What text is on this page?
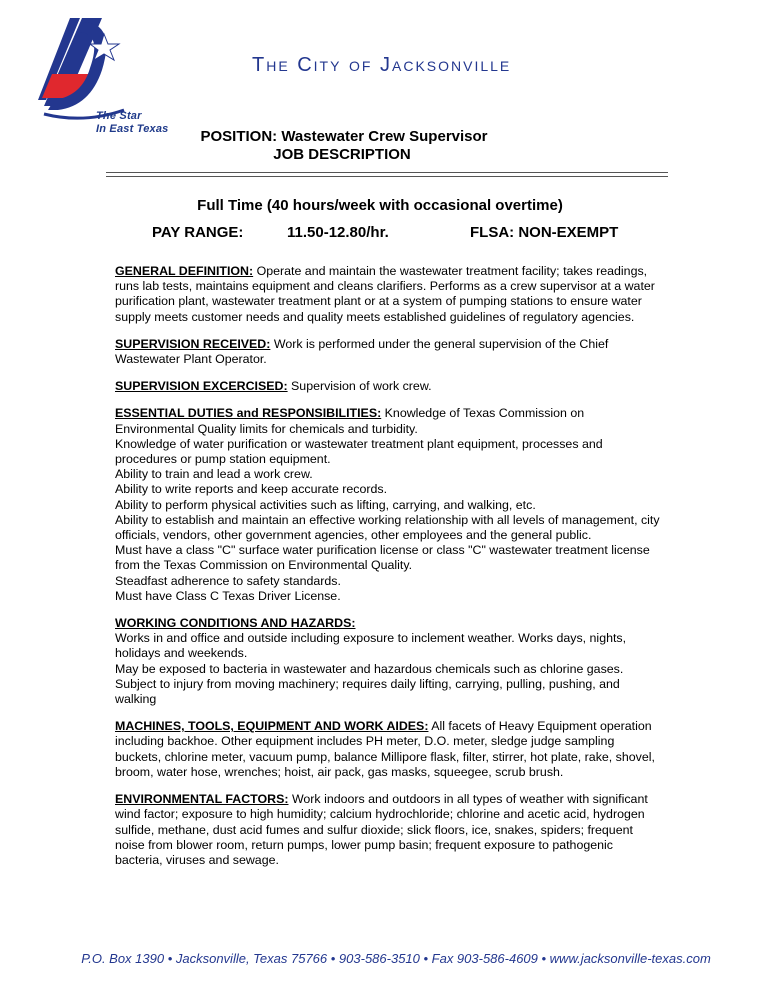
The Star
In East Texas
The City of Jacksonville
POSITION: Wastewater Crew Supervisor
JOB DESCRIPTION
Full Time (40 hours/week with occasional overtime)
PAY RANGE:	11.50-12.80/hr.	FLSA: NON-EXEMPT
GENERAL DEFINITION: Operate and maintain the wastewater treatment facility; takes readings, runs lab tests, maintains equipment and cleans clarifiers. Performs as a crew supervisor at a water purification plant, wastewater treatment plant or at a system of pumping stations to ensure water supply meets customer needs and quality meets established guidelines of regulatory agencies.
SUPERVISION RECEIVED: Work is performed under the general supervision of the Chief Wastewater Plant Operator.
SUPERVISION EXCERCISED: Supervision of work crew.
ESSENTIAL DUTIES and RESPONSIBILITIES: Knowledge of Texas Commission on Environmental Quality limits for chemicals and turbidity.
Knowledge of water purification or wastewater treatment plant equipment, processes and procedures or pump station equipment.
Ability to train and lead a work crew.
Ability to write reports and keep accurate records.
Ability to perform physical activities such as lifting, carrying, and walking, etc.
Ability to establish and maintain an effective working relationship with all levels of management, city officials, vendors, other government agencies, other employees and the general public.
Must have a class "C" surface water purification license or class "C" wastewater treatment license from the Texas Commission on Environmental Quality.
Steadfast adherence to safety standards.
Must have Class C Texas Driver License.
WORKING CONDITIONS AND HAZARDS:
Works in and office and outside including exposure to inclement weather. Works days, nights, holidays and weekends.
May be exposed to bacteria in wastewater and hazardous chemicals such as chlorine gases.
Subject to injury from moving machinery; requires daily lifting, carrying, pulling, pushing, and walking
MACHINES, TOOLS, EQUIPMENT AND WORK AIDES: All facets of Heavy Equipment operation including backhoe. Other equipment includes PH meter, D.O. meter, sledge judge sampling buckets, chlorine meter, vacuum pump, balance Millipore flask, filter, stirrer, hot plate, rake, shovel, broom, water hose, wrenches; hoist, air pack, gas masks, squeegee, scrub brush.
ENVIRONMENTAL FACTORS: Work indoors and outdoors in all types of weather with significant wind factor; exposure to high humidity; calcium hydrochloride; chlorine and acetic acid, hydrogen sulfide, methane, dust acid fumes and sulfur dioxide; slick floors, ice, snakes, spiders; frequent noise from blower room, return pumps, lower pump basin; frequent exposure to pathogenic bacteria, viruses and sewage.
P.O. Box 1390 • Jacksonville, Texas 75766 • 903-586-3510 • Fax 903-586-4609 • www.jacksonville-texas.com
